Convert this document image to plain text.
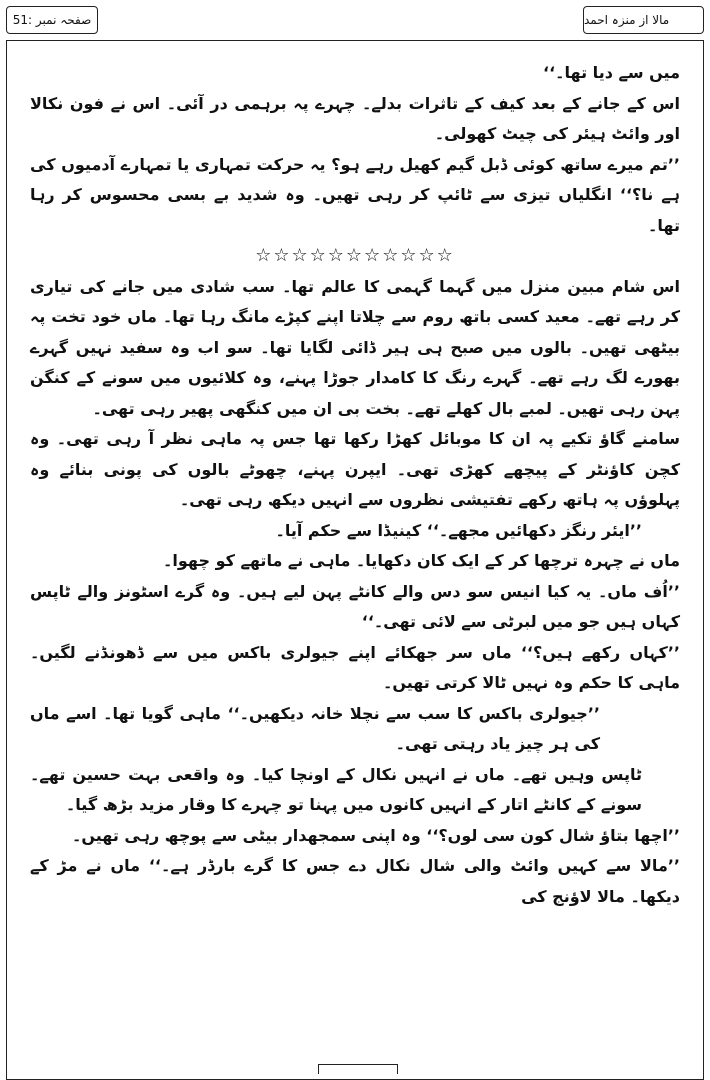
صفحہ نمبر :51	مالا از منزہ احمد

میں سے دیا تھا۔‘‘

اس کے جانے کے بعد کیف کے تاثرات بدلے۔ چہرے پہ برہمی در آئی۔ اس نے فون نکالا اور وائٹ ہیئر کی چیٹ کھولی۔

’’تم میرے ساتھ کوئی ڈبل گیم کھیل رہے ہو؟ یہ حرکت تمہاری یا تمہارے آدمیوں کی ہے نا؟‘‘ انگلیاں تیزی سے ٹائپ کر رہی تھیں۔ وہ شدید بے بسی محسوس کر رہا تھا۔

☆☆☆☆☆☆☆☆☆☆☆

اس شام مبین منزل میں گہما گہمی کا عالم تھا۔ سب شادی میں جانے کی تیاری کر رہے تھے۔ معید کسی باتھ روم سے چلاتا اپنے کپڑے مانگ رہا تھا۔ ماں خود تخت پہ بیٹھی تھیں۔ بالوں میں صبح ہی ہیر ڈائی لگایا تھا۔ سو اب وہ سفید نہیں گہرے بھورے لگ رہے تھے۔ گہرے رنگ کا کامدار جوڑا پہنے، وہ کلائیوں میں سونے کے کنگن پہن رہی تھیں۔ لمبے بال کھلے تھے۔ بخت بی ان میں کنگھی پھیر رہی تھی۔

سامنے گاؤ تکیے پہ ان کا موبائل کھڑا رکھا تھا جس پہ ماہی نظر آ رہی تھی۔ وہ کچن کاؤنٹر کے پیچھے کھڑی تھی۔ ایپرن پہنے، چھوٹے بالوں کی پونی بنائے وہ پہلوؤں پہ ہاتھ رکھے تفتیشی نظروں سے انہیں دیکھ رہی تھی۔

’’ایئر رنگز دکھائیں مجھے۔‘‘ کینیڈا سے حکم آیا۔

ماں نے چہرہ ترچھا کر کے ایک کان دکھایا۔ ماہی نے ماتھے کو چھوا۔

’’اُف ماں۔ یہ کیا انیس سو دس والے کانٹے پہن لیے ہیں۔ وہ گرے اسٹونز والے ٹاپس کہاں ہیں جو میں لبرٹی سے لائی تھی۔‘‘

’’کہاں رکھے ہیں؟‘‘ ماں سر جھکائے اپنے جیولری باکس میں سے ڈھونڈنے لگیں۔ ماہی کا حکم وہ نہیں ٹالا کرتی تھیں۔

’’جیولری باکس کا سب سے نچلا خانہ دیکھیں۔‘‘ ماہی گویا تھا۔ اسے ماں کی ہر چیز یاد رہتی تھی۔

ٹاپس وہیں تھے۔ ماں نے انہیں نکال کے اونچا کیا۔ وہ واقعی بہت حسین تھے۔ سونے کے کانٹے اتار کے انہیں کانوں میں پہنا تو چہرے کا وقار مزید بڑھ گیا۔

’’اچھا بتاؤ شال کون سی لوں؟‘‘ وہ اپنی سمجھدار بیٹی سے پوچھ رہی تھیں۔

’’مالا سے کہیں وائٹ والی شال نکال دے جس کا گرے بارڈر ہے۔‘‘ ماں نے مڑ کے دیکھا۔ مالا لاؤنج کی
